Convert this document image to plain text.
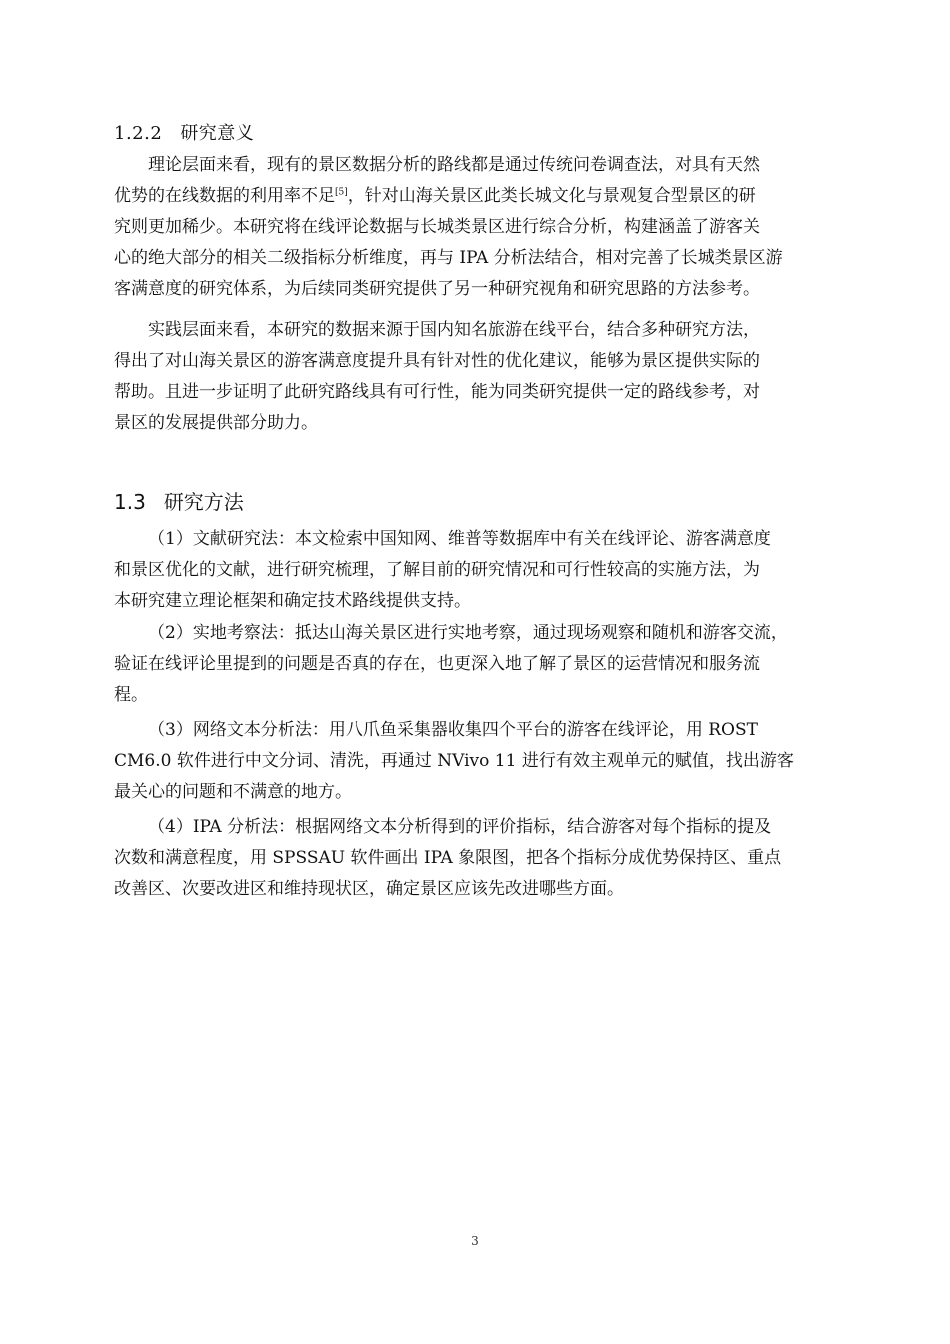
1.2.2 研究意义
理论层面来看，现有的景区数据分析的路线都是通过传统问卷调查法，对具有天然
优势的在线数据的利用率不足[5]，针对山海关景区此类长城文化与景观复合型景区的研
究则更加稀少。本研究将在线评论数据与长城类景区进行综合分析，构建涵盖了游客关
心的绝大部分的相关二级指标分析维度，再与 IPA 分析法结合，相对完善了长城类景区游
客满意度的研究体系，为后续同类研究提供了另一种研究视角和研究思路的方法参考。
实践层面来看，本研究的数据来源于国内知名旅游在线平台，结合多种研究方法，
得出了对山海关景区的游客满意度提升具有针对性的优化建议，能够为景区提供实际的
帮助。且进一步证明了此研究路线具有可行性，能为同类研究提供一定的路线参考，对
景区的发展提供部分助力。
1.3 研究方法
（1）文献研究法：本文检索中国知网、维普等数据库中有关在线评论、游客满意度
和景区优化的文献，进行研究梳理，了解目前的研究情况和可行性较高的实施方法，为
本研究建立理论框架和确定技术路线提供支持。
（2）实地考察法：抵达山海关景区进行实地考察，通过现场观察和随机和游客交流，
验证在线评论里提到的问题是否真的存在，也更深入地了解了景区的运营情况和服务流
程。
（3）网络文本分析法：用八爪鱼采集器收集四个平台的游客在线评论，用 ROST
CM6.0 软件进行中文分词、清洗，再通过 NVivo 11 进行有效主观单元的赋值，找出游客
最关心的问题和不满意的地方。
（4）IPA 分析法：根据网络文本分析得到的评价指标，结合游客对每个指标的提及
次数和满意程度，用 SPSSAU 软件画出 IPA 象限图，把各个指标分成优势保持区、重点
改善区、次要改进区和维持现状区，确定景区应该先改进哪些方面。
3
